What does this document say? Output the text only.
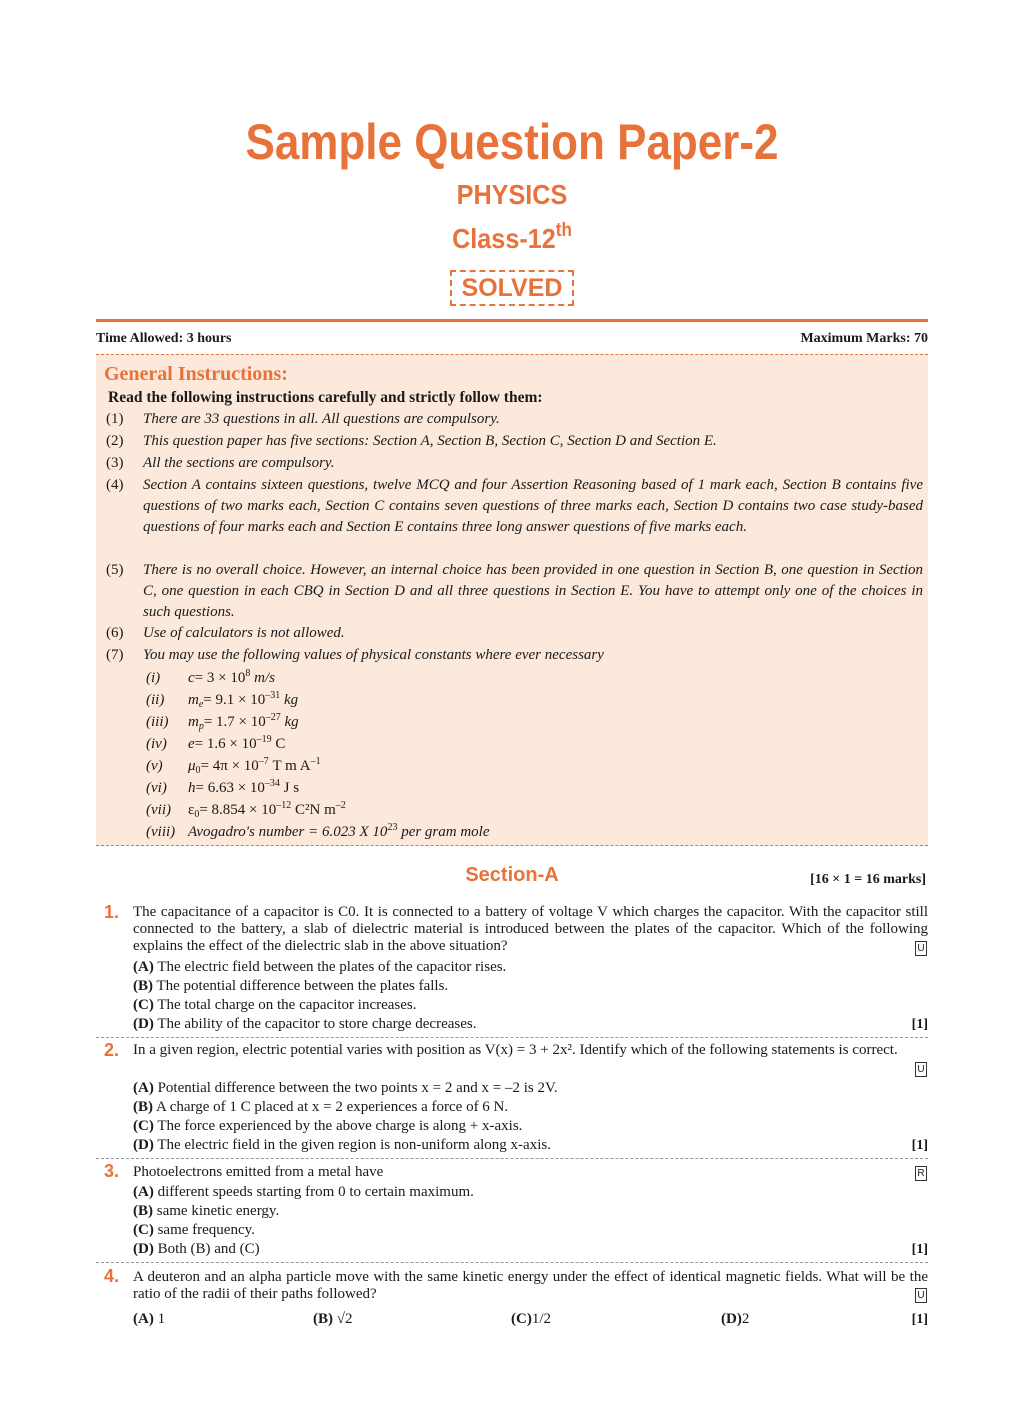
Sample Question Paper-2
PHYSICS
Class-12th
SOLVED
Time Allowed: 3 hours	Maximum Marks: 70
General Instructions:
Read the following instructions carefully and strictly follow them:
(1) There are 33 questions in all. All questions are compulsory.
(2) This question paper has five sections: Section A, Section B, Section C, Section D and Section E.
(3) All the sections are compulsory.
(4) Section A contains sixteen questions, twelve MCQ and four Assertion Reasoning based of 1 mark each, Section B contains five questions of two marks each, Section C contains seven questions of three marks each, Section D contains two case study-based questions of four marks each and Section E contains three long answer questions of five marks each.
(5) There is no overall choice. However, an internal choice has been provided in one question in Section B, one question in Section C, one question in each CBQ in Section D and all three questions in Section E. You have to attempt only one of the choices in such questions.
(6) Use of calculators is not allowed.
(7) You may use the following values of physical constants where ever necessary
(i) $c= 3 \times 10^8$ m/s
(ii) $m_e= 9.1 \times 10^{-31}$ kg
(iii) $m_p= 1.7 \times 10^{-27}$ kg
(iv) $e= 1.6 \times 10^{-19}$ C
(v) $\mu_0= 4\pi \times 10^{-7}$ T m $A^{-1}$
(vi) $h= 6.63 \times 10^{-34}$ J s
(vii) $\varepsilon_0= 8.854 \times 10^{-12}$ C²N $m^{-2}$
(viii) Avogadro's number = 6.023 X $10^{23}$ per gram mole
Section-A	[16 × 1 = 16 marks]
1. The capacitance of a capacitor is C0. It is connected to a battery of voltage V which charges the capacitor. With the capacitor still connected to the battery, a slab of dielectric material is introduced between the plates of the capacitor. Which of the following explains the effect of the dielectric slab in the above situation?	U
(A) The electric field between the plates of the capacitor rises.
(B) The potential difference between the plates falls.
(C) The total charge on the capacitor increases.
(D) The ability of the capacitor to store charge decreases.	[1]
2. In a given region, electric potential varies with position as V(x) = 3 + 2x². Identify which of the following statements is correct.
U
(A) Potential difference between the two points x = 2 and x = –2 is 2V.
(B) A charge of 1 C placed at x = 2 experiences a force of 6 N.
(C) The force experienced by the above charge is along + x-axis.
(D) The electric field in the given region is non-uniform along x-axis.	[1]
3. Photoelectrons emitted from a metal have	R
(A) different speeds starting from 0 to certain maximum.
(B) same kinetic energy.
(C) same frequency.
(D) Both (B) and (C)	[1]
4. A deuteron and an alpha particle move with the same kinetic energy under the effect of identical magnetic fields. What will be the ratio of the radii of their paths followed?	U
(A) 1	(B) √2	(C)1/2	(D)2	[1]
